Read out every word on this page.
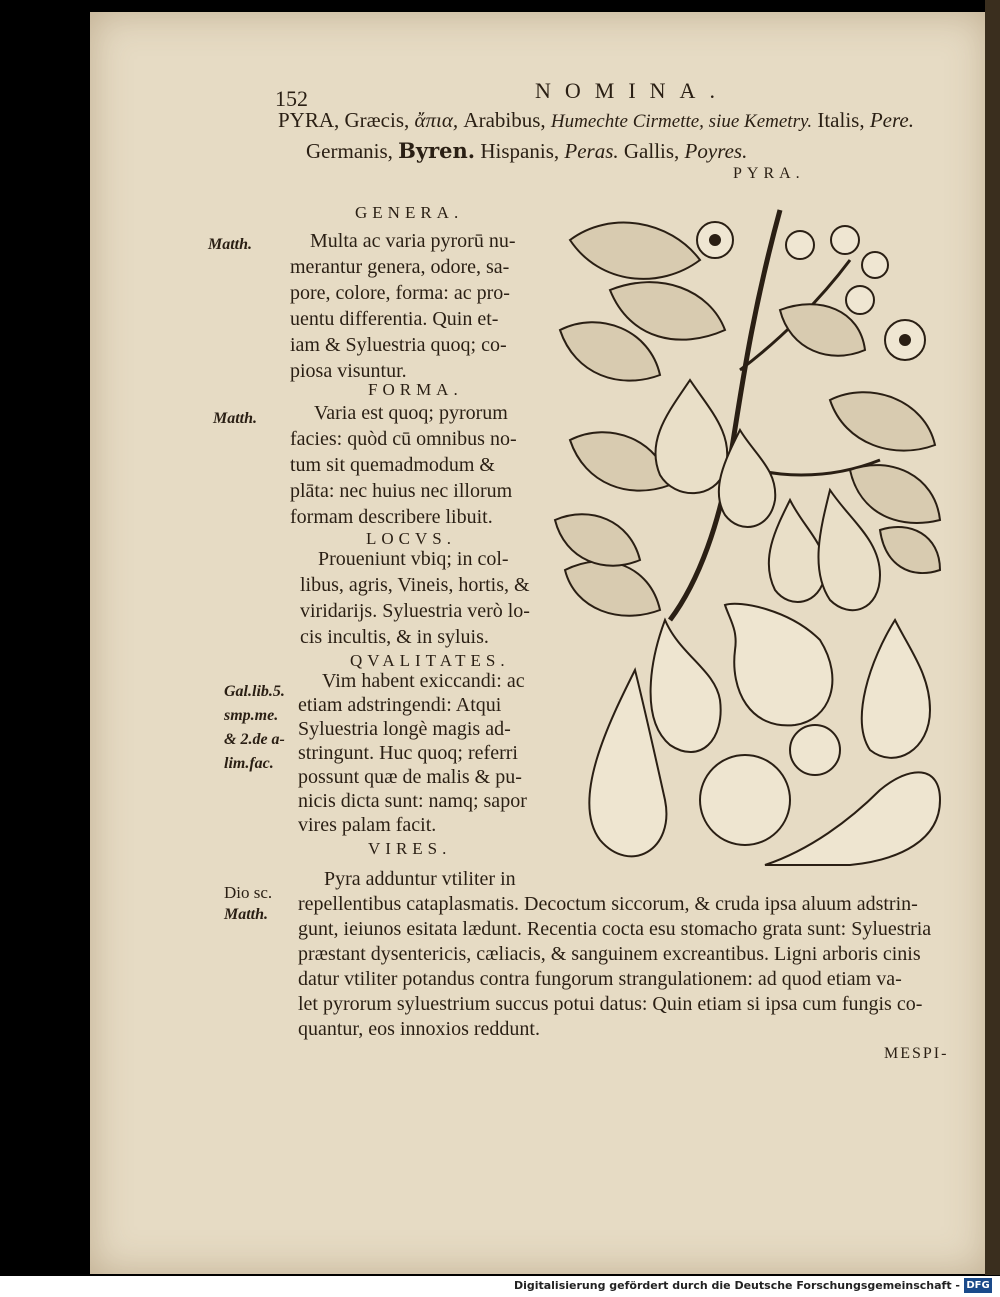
152	NOMINA.
PYRA, Græcis, ἄπια, Arabibus, Humechte Cirmette, siue Kemetry. Italis, Pere.
Germanis, Byren. Hispanis, Peras. Gallis, Poyres.
PYRA.
GENERA.
Matth.	Multa ac varia pyrorū nu-
merantur genera, odore, sa-
pore, colore, forma: ac pro-
uentu differentia. Quin et-
iam & Syluestria quoq; co-
piosa visuntur.
FORMA.
Matth.	Varia est quoq; pyrorum
facies: quòd cū omnibus no-
tum sit quemadmodum &
plāta: nec huius nec illorum
formam describere libuit.
LOCVS.
Proueniunt vbiq; in col-
libus, agris, Vineis, hortis, &
viridarijs. Syluestria verò lo-
cis incultis, & in syluis.
QVALITATES.
Gal.lib.5.
smp.me.
& 2.de a-
lim.fac.
Vim habent exiccandi: ac
etiam adstringendi: Atqui
Syluestria longè magis ad-
stringunt. Huc quoq; referri
possunt quæ de malis & pu-
nicis dicta sunt: namq; sapor
vires palam facit.
VIRES.
Dio sc.
Matth.
Pyra adduntur vtiliter in
repellentibus cataplasmatis. Decoctum siccorum, & cruda ipsa aluum adstrin-
gunt, ieiunos esitata lædunt. Recentia cocta esu stomacho grata sunt: Syluestria
præstant dysentericis, cæliacis, & sanguinem excreantibus. Ligni arboris cinis
datur vtiliter potandus contra fungorum strangulationem: ad quod etiam va-
let pyrorum syluestrium succus potui datus: Quin etiam si ipsa cum fungis co-
quantur, eos innoxios reddunt.
MESPI-
Digitalisierung gefördert durch die Deutsche Forschungsgemeinschaft - DFG
